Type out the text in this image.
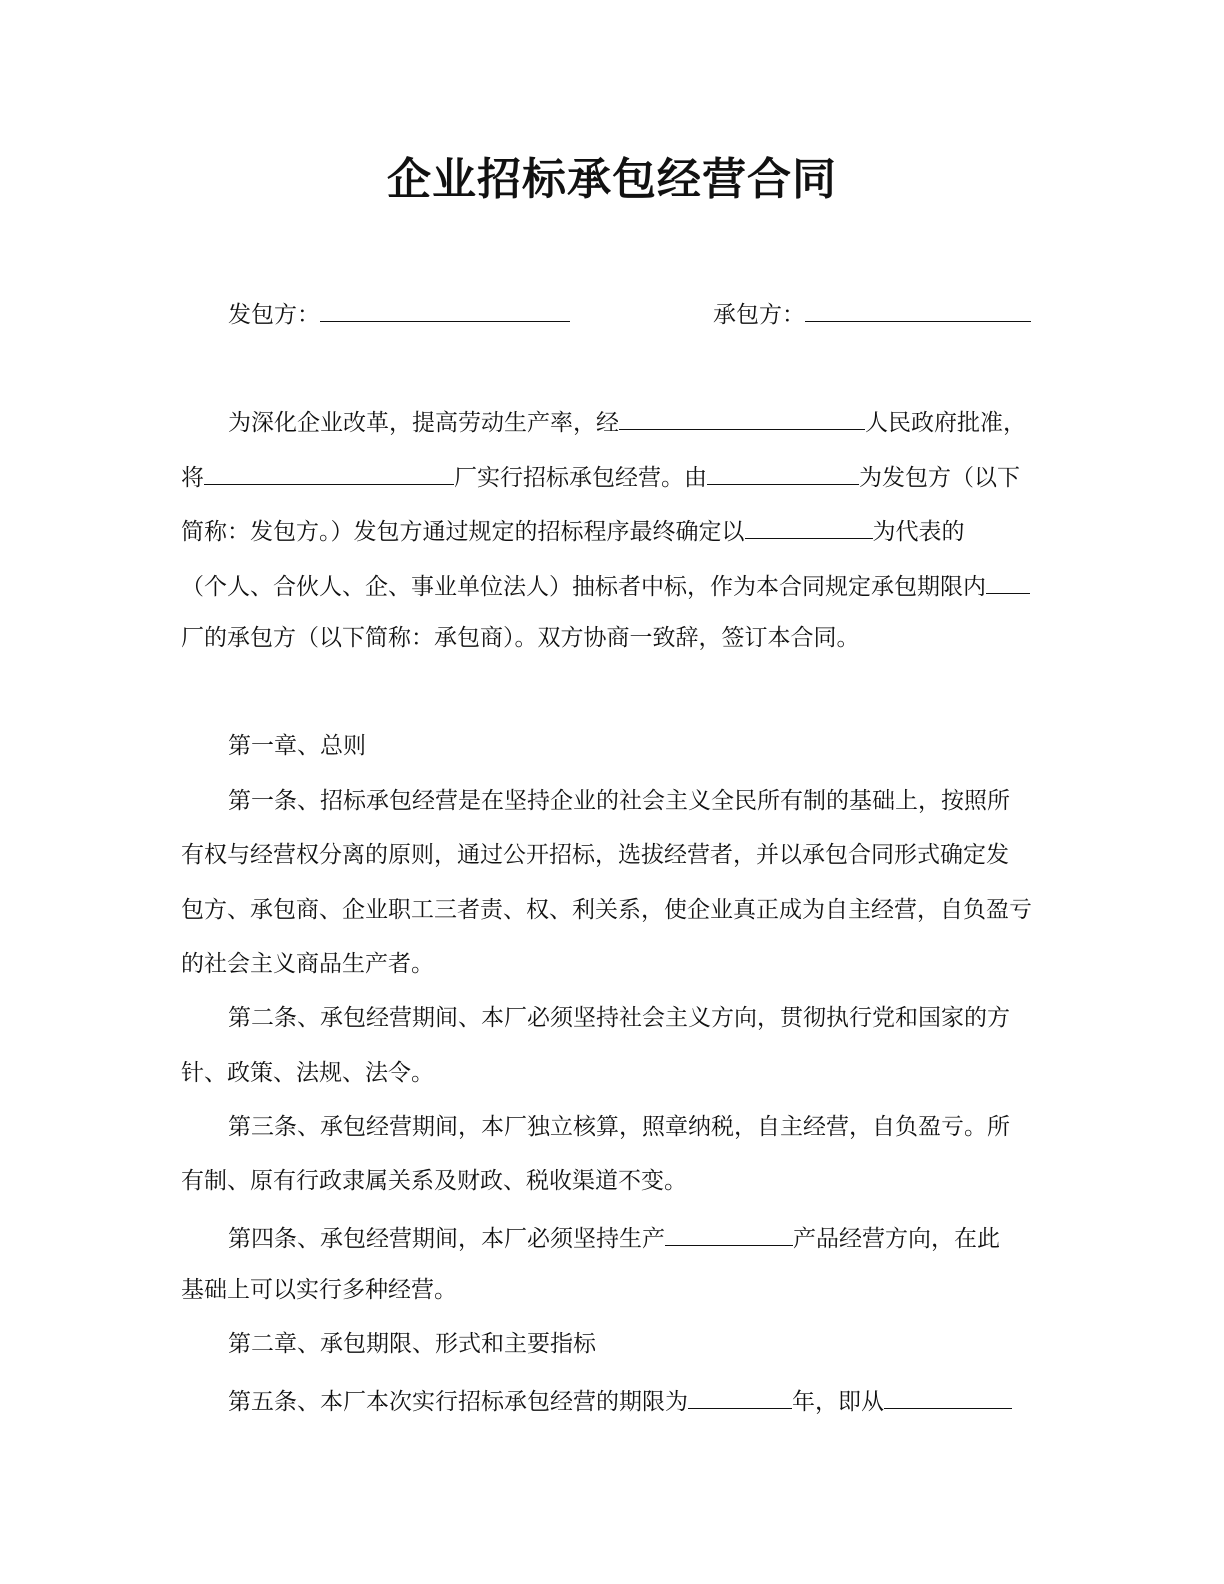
企业招标承包经营合同
发包方：	承包方：
为深化企业改革，提高劳动生产率，经	人民政府批准，
将	厂实行招标承包经营。由	为发包方（以下
简称：发包方。）发包方通过规定的招标程序最终确定以	为代表的
（个人、合伙人、企、事业单位法人）抽标者中标，作为本合同规定承包期限内
厂的承包方（以下简称：承包商）。双方协商一致辞，签订本合同。
第一章、总则
第一条、招标承包经营是在坚持企业的社会主义全民所有制的基础上，按照所
有权与经营权分离的原则，通过公开招标，选拔经营者，并以承包合同形式确定发
包方、承包商、企业职工三者责、权、利关系，使企业真正成为自主经营，自负盈亏
的社会主义商品生产者。
第二条、承包经营期间、本厂必须坚持社会主义方向，贯彻执行党和国家的方
针、政策、法规、法令。
第三条、承包经营期间，本厂独立核算，照章纳税，自主经营，自负盈亏。所
有制、原有行政隶属关系及财政、税收渠道不变。
第四条、承包经营期间，本厂必须坚持生产	产品经营方向，在此
基础上可以实行多种经营。
第二章、承包期限、形式和主要指标
第五条、本厂本次实行招标承包经营的期限为	年，即从
